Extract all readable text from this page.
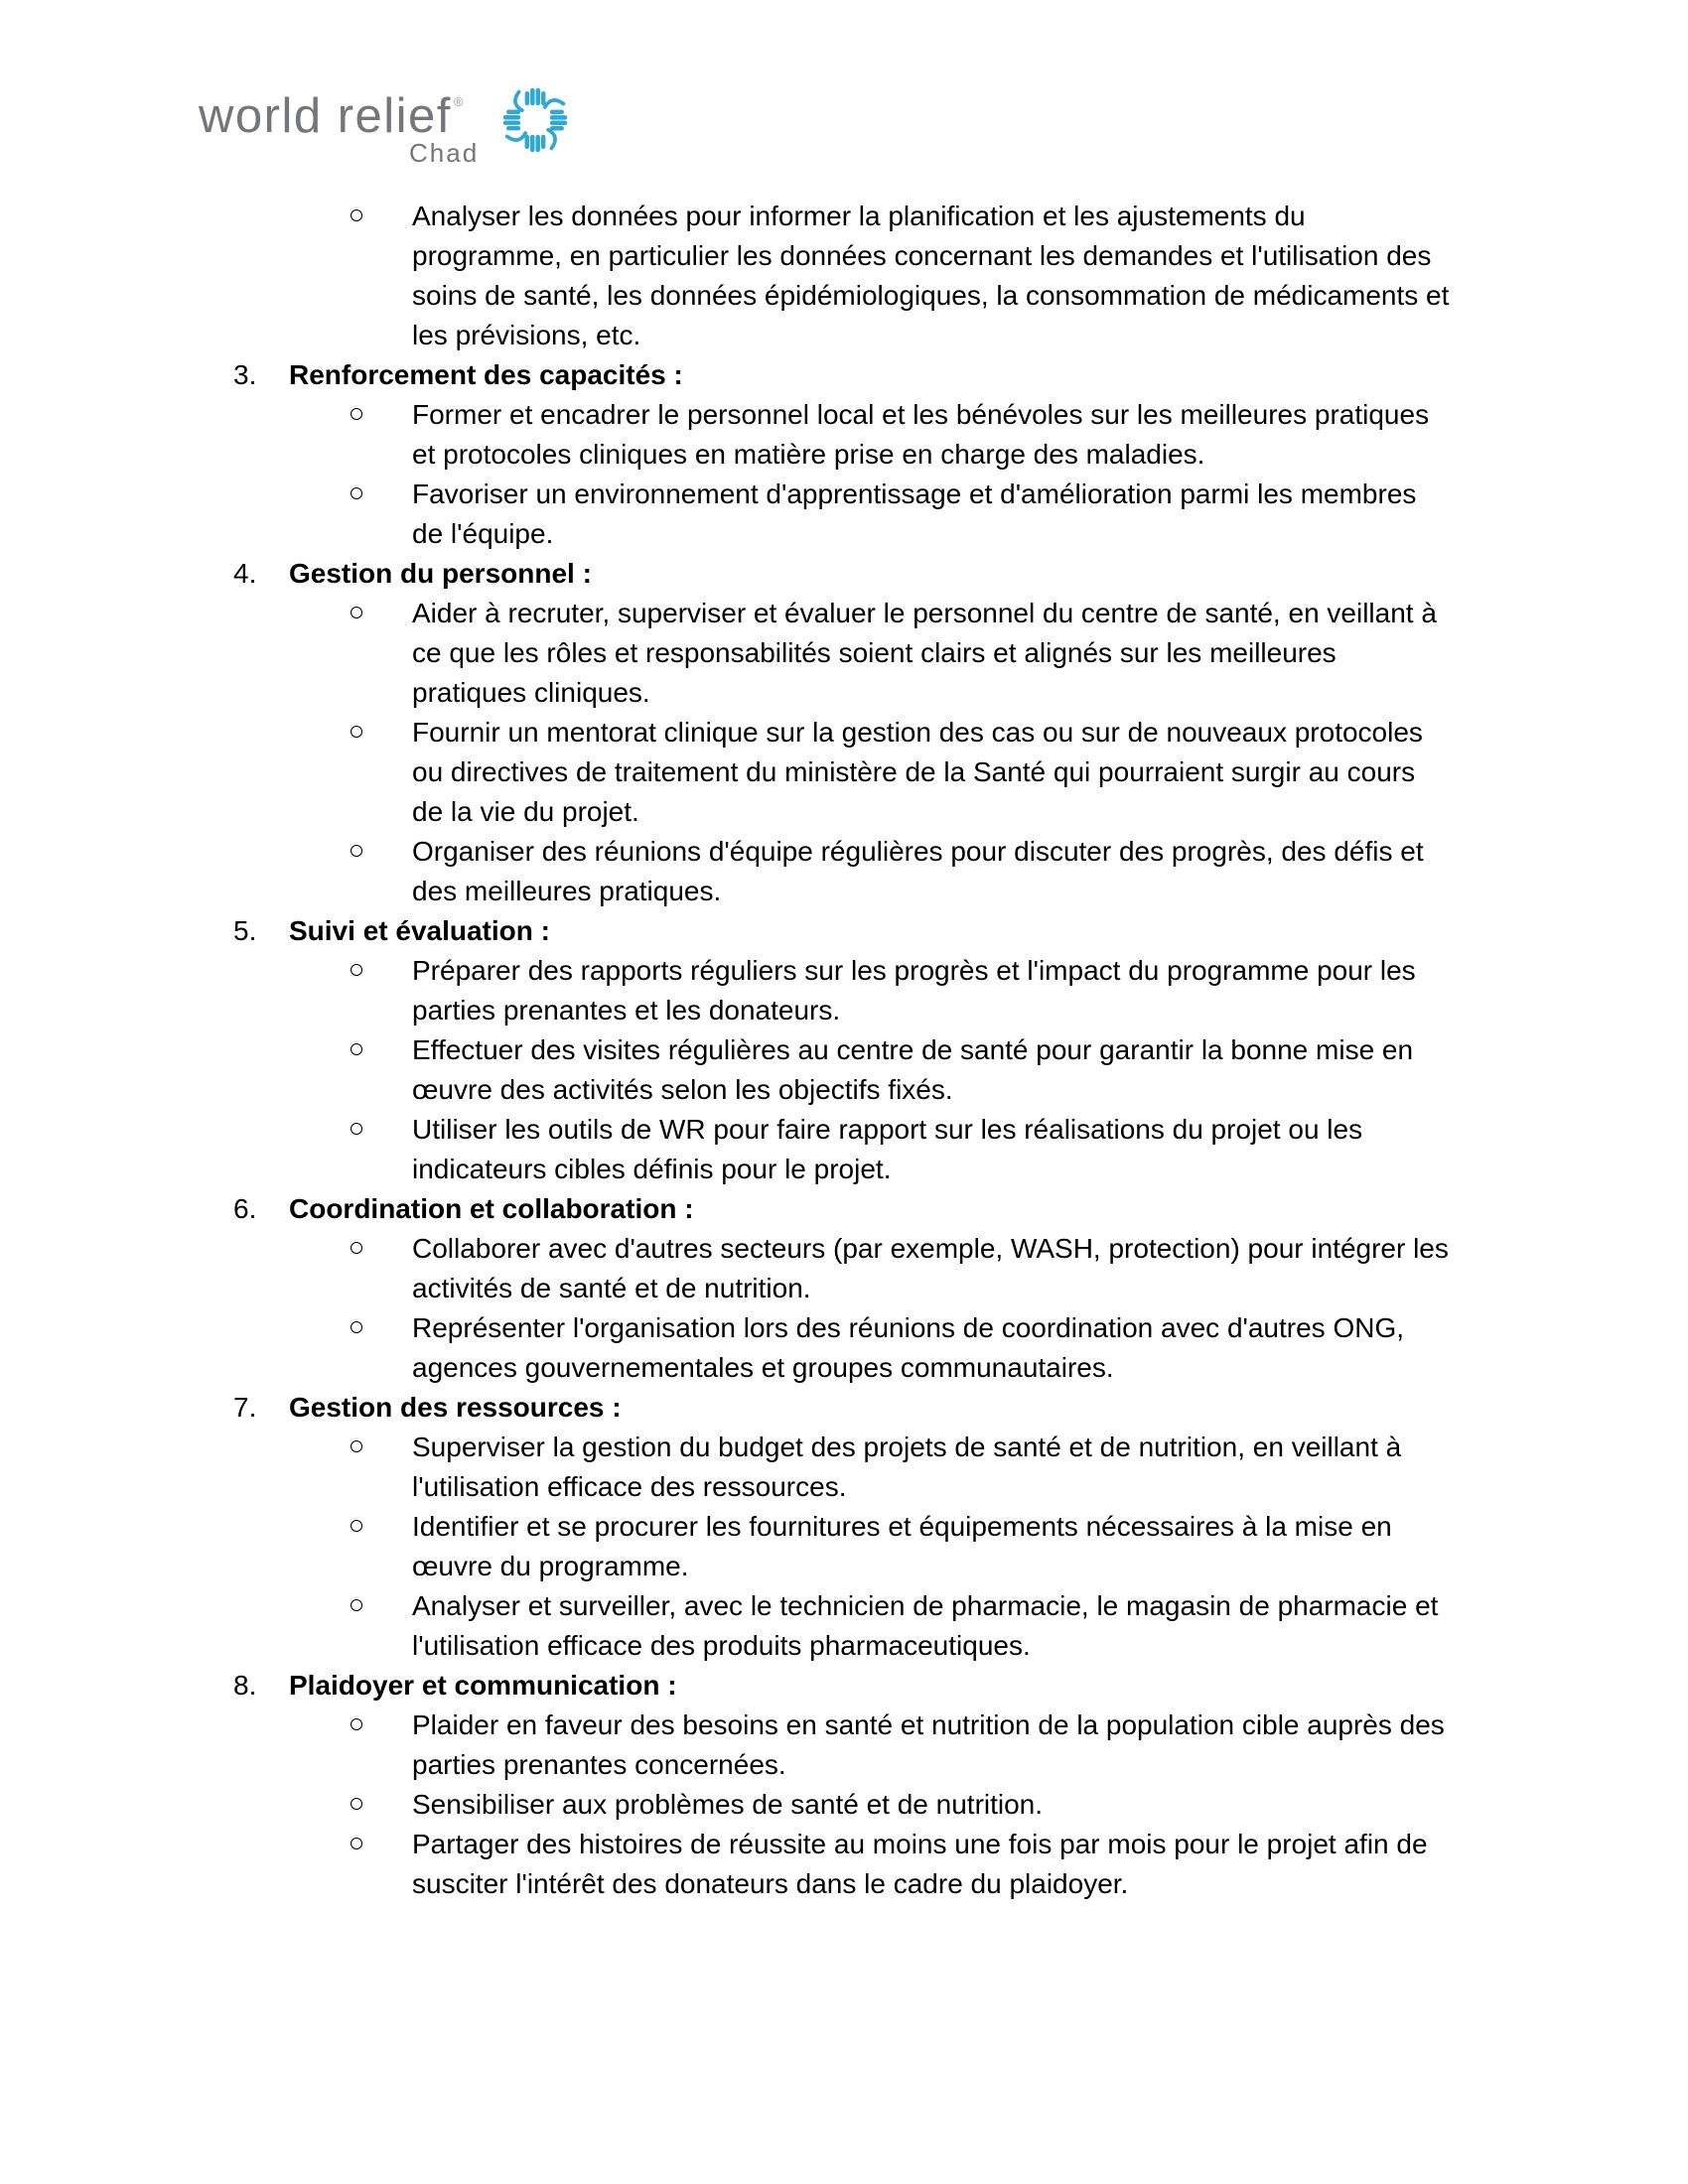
world relief ®
Chad
Analyser les données pour informer la planification et les ajustements du programme, en particulier les données concernant les demandes et l'utilisation des soins de santé, les données épidémiologiques, la consommation de médicaments et les prévisions, etc.
3.	Renforcement des capacités :
Former et encadrer le personnel local et les bénévoles sur les meilleures pratiques et protocoles cliniques en matière prise en charge des maladies.
Favoriser un environnement d'apprentissage et d'amélioration parmi les membres de l'équipe.
4.	Gestion du personnel :
Aider à recruter, superviser et évaluer le personnel du centre de santé, en veillant à ce que les rôles et responsabilités soient clairs et alignés sur les meilleures pratiques cliniques.
Fournir un mentorat clinique sur la gestion des cas ou sur de nouveaux protocoles ou directives de traitement du ministère de la Santé qui pourraient surgir au cours de la vie du projet.
Organiser des réunions d'équipe régulières pour discuter des progrès, des défis et des meilleures pratiques.
5.	Suivi et évaluation :
Préparer des rapports réguliers sur les progrès et l'impact du programme pour les parties prenantes et les donateurs.
Effectuer des visites régulières au centre de santé pour garantir la bonne mise en œuvre des activités selon les objectifs fixés.
Utiliser les outils de WR pour faire rapport sur les réalisations du projet ou les indicateurs cibles définis pour le projet.
6.	Coordination et collaboration :
Collaborer avec d'autres secteurs (par exemple, WASH, protection) pour intégrer les activités de santé et de nutrition.
Représenter l'organisation lors des réunions de coordination avec d'autres ONG, agences gouvernementales et groupes communautaires.
7.	Gestion des ressources :
Superviser la gestion du budget des projets de santé et de nutrition, en veillant à l'utilisation efficace des ressources.
Identifier et se procurer les fournitures et équipements nécessaires à la mise en œuvre du programme.
Analyser et surveiller, avec le technicien de pharmacie, le magasin de pharmacie et l'utilisation efficace des produits pharmaceutiques.
8.	Plaidoyer et communication :
Plaider en faveur des besoins en santé et nutrition de la population cible auprès des parties prenantes concernées.
Sensibiliser aux problèmes de santé et de nutrition.
Partager des histoires de réussite au moins une fois par mois pour le projet afin de susciter l'intérêt des donateurs dans le cadre du plaidoyer.
